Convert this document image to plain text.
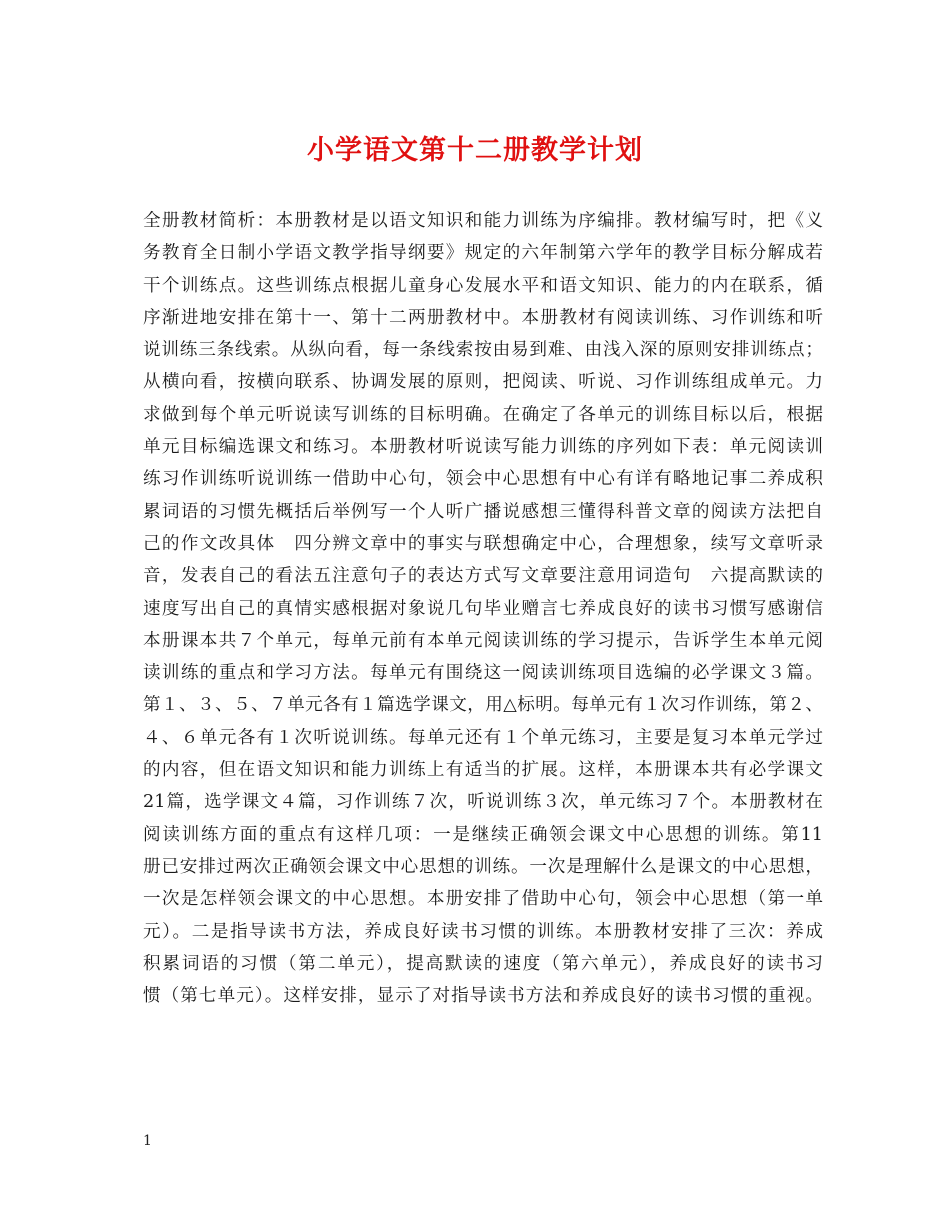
小学语文第十二册教学计划
全册教材简析：本册教材是以语文知识和能力训练为序编排。教材编写时，把《义
务教育全日制小学语文教学指导纲要》规定的六年制第六学年的教学目标分解成若
干个训练点。这些训练点根据儿童身心发展水平和语文知识、能力的内在联系，循
序渐进地安排在第十一、第十二两册教材中。本册教材有阅读训练、习作训练和听
说训练三条线索。从纵向看，每一条线索按由易到难、由浅入深的原则安排训练点；
从横向看，按横向联系、协调发展的原则，把阅读、听说、习作训练组成单元。力
求做到每个单元听说读写训练的目标明确。在确定了各单元的训练目标以后，根据
单元目标编选课文和练习。本册教材听说读写能力训练的序列如下表：单元阅读训
练习作训练听说训练一借助中心句，领会中心思想有中心有详有略地记事二养成积
累词语的习惯先概括后举例写一个人听广播说感想三懂得科普文章的阅读方法把自
己的作文改具体　四分辨文章中的事实与联想确定中心，合理想象，续写文章听录
音，发表自己的看法五注意句子的表达方式写文章要注意用词造句　六提高默读的
速度写出自己的真情实感根据对象说几句毕业赠言七养成良好的读书习惯写感谢信
本册课本共７个单元，每单元前有本单元阅读训练的学习提示，告诉学生本单元阅
读训练的重点和学习方法。每单元有围绕这一阅读训练项目选编的必学课文３篇。
第１、３、５、７单元各有１篇选学课文，用△标明。每单元有１次习作训练，第２、
４、６单元各有１次听说训练。每单元还有１个单元练习，主要是复习本单元学过
的内容，但在语文知识和能力训练上有适当的扩展。这样，本册课本共有必学课文
21篇，选学课文４篇，习作训练７次，听说训练３次，单元练习７个。本册教材在
阅读训练方面的重点有这样几项：一是继续正确领会课文中心思想的训练。第11
册已安排过两次正确领会课文中心思想的训练。一次是理解什么是课文的中心思想，
一次是怎样领会课文的中心思想。本册安排了借助中心句，领会中心思想（第一单
元）。二是指导读书方法，养成良好读书习惯的训练。本册教材安排了三次：养成
积累词语的习惯（第二单元），提高默读的速度（第六单元），养成良好的读书习
惯（第七单元）。这样安排，显示了对指导读书方法和养成良好的读书习惯的重视。
1
